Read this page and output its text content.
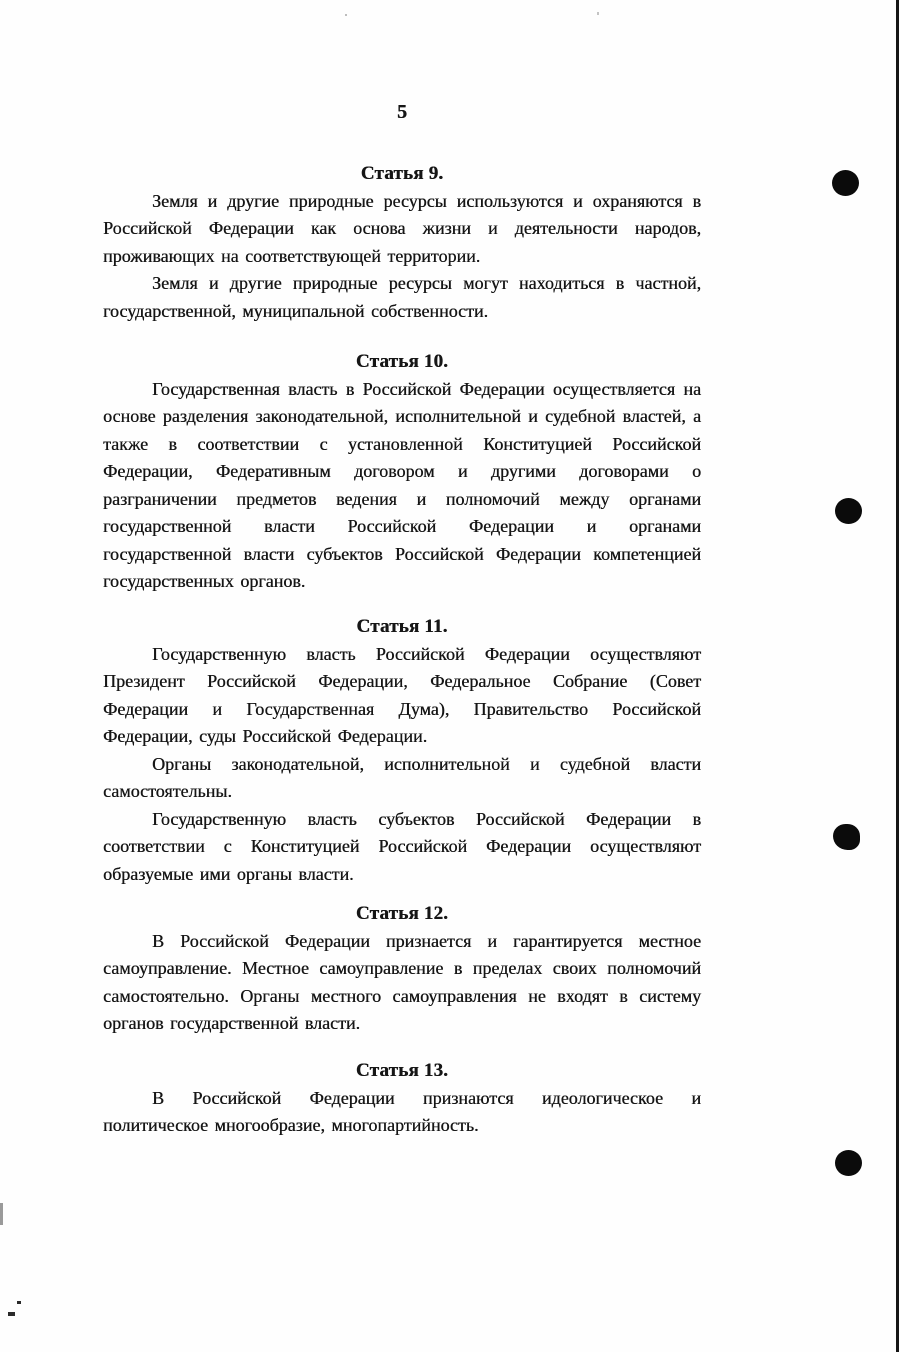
5
Статья 9.

Земля и другие природные ресурсы используются и охраняются в Российской Федерации как основа жизни и деятельности народов, проживающих на соответствующей территории.

Земля и другие природные ресурсы могут находиться в частной, государственной, муниципальной собственности.

Статья 10.

Государственная власть в Российской Федерации осуществляется на основе разделения законодательной, исполнительной и судебной властей, а также в соответствии с установленной Конституцией Российской Федерации, Федеративным договором и другими договорами о разграничении предметов ведения и полномочий между органами государственной власти Российской Федерации и органами государственной власти субъектов Российской Федерации компетенцией государственных органов.

Статья 11.

Государственную власть Российской Федерации осуществляют Президент Российской Федерации, Федеральное Собрание (Совет Федерации и Государственная Дума), Правительство Российской Федерации, суды Российской Федерации.

Органы законодательной, исполнительной и судебной власти самостоятельны.

Государственную власть субъектов Российской Федерации в соответствии с Конституцией Российской Федерации осуществляют образуемые ими органы власти.

Статья 12.

В Российской Федерации признается и гарантируется местное самоуправление. Местное самоуправление в пределах своих полномочий самостоятельно. Органы местного самоуправления не входят в систему органов государственной власти.

Статья 13.

В Российской Федерации признаются идеологическое и политическое многообразие, многопартийность.
